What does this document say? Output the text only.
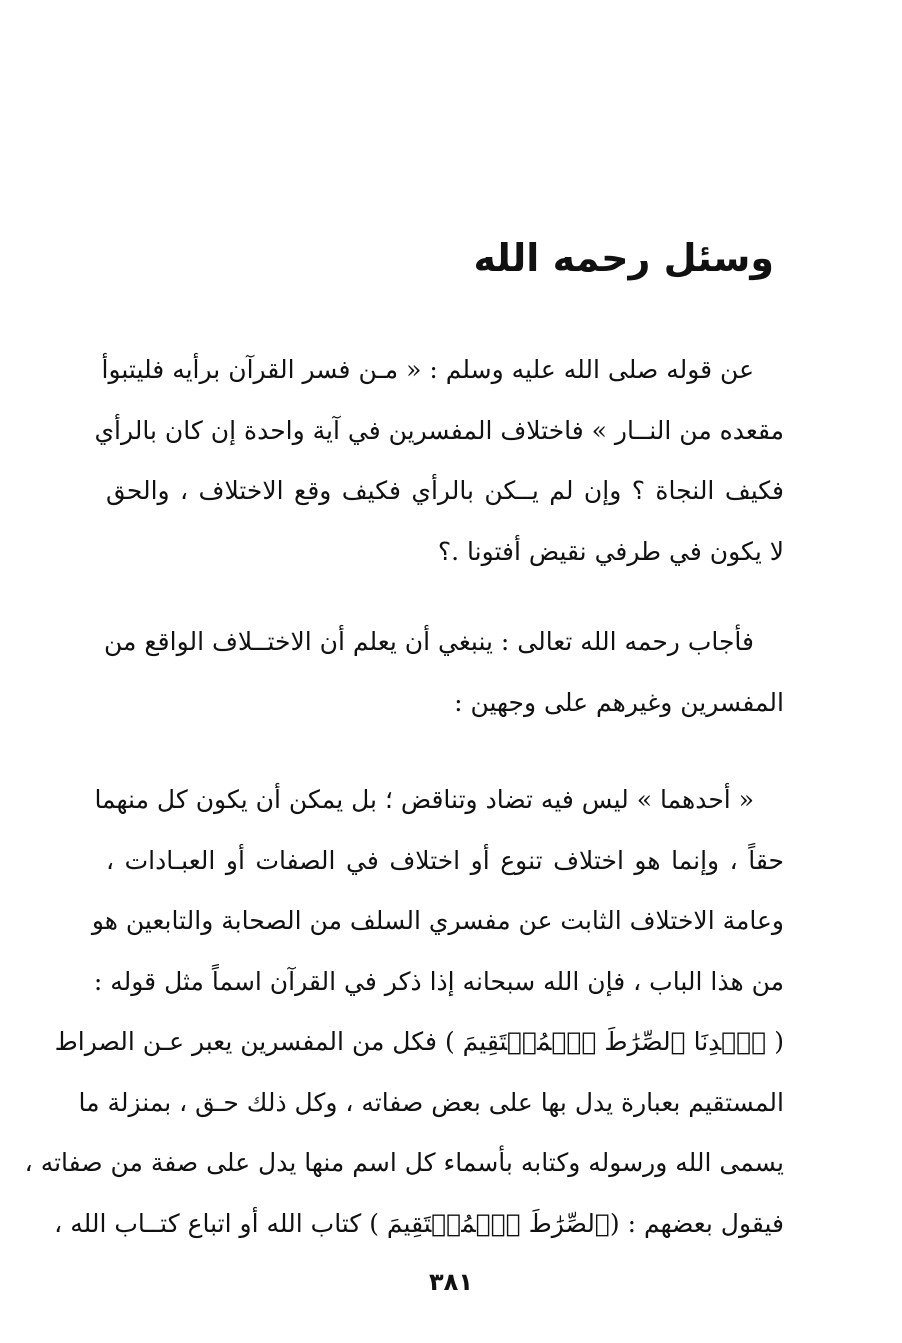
وسئل رحمه الله
عن قوله صلى الله عليه وسلم : « مـن فسر القرآن برأيه فليتبوأ
مقعده من النــار » فاختلاف المفسرين في آية واحدة إن كان بالرأي
فكيف النجاة ؟ وإن لم يــكن بالرأي فكيف وقع الاختلاف ، والحق
لا يكون في طرفي نقيض أفتونا .؟
فأجاب رحمه الله تعالى : ينبغي أن يعلم أن الاختــلاف الواقع من
المفسرين وغيرهم على وجهين :
« أحدهما » ليس فيه تضاد وتناقض ؛ بل يمكن أن يكون كل منهما
حقاً ، وإنما هو اختلاف تنوع أو اختلاف في الصفات أو العبـادات ،
وعامة الاختلاف الثابت عن مفسري السلف من الصحابة والتابعين هو
من هذا الباب ، فإن الله سبحانه إذا ذكر في القرآن اسماً مثل قوله :
( ٱهۡدِنَا ٱلصِّرَٰطَ ٱلۡمُسۡتَقِيمَ ) فكل من المفسرين يعبر عـن الصراط
المستقيم بعبارة يدل بها على بعض صفاته ، وكل ذلك حـق ، بمنزلة ما
يسمى الله ورسوله وكتابه بأسماء كل اسم منها يدل على صفة من صفاته ،
فيقول بعضهم : (ٱلصِّرَٰطَ ٱلۡمُسۡتَقِيمَ ) كتاب الله أو اتباع كتــاب الله ،
٣٨١
